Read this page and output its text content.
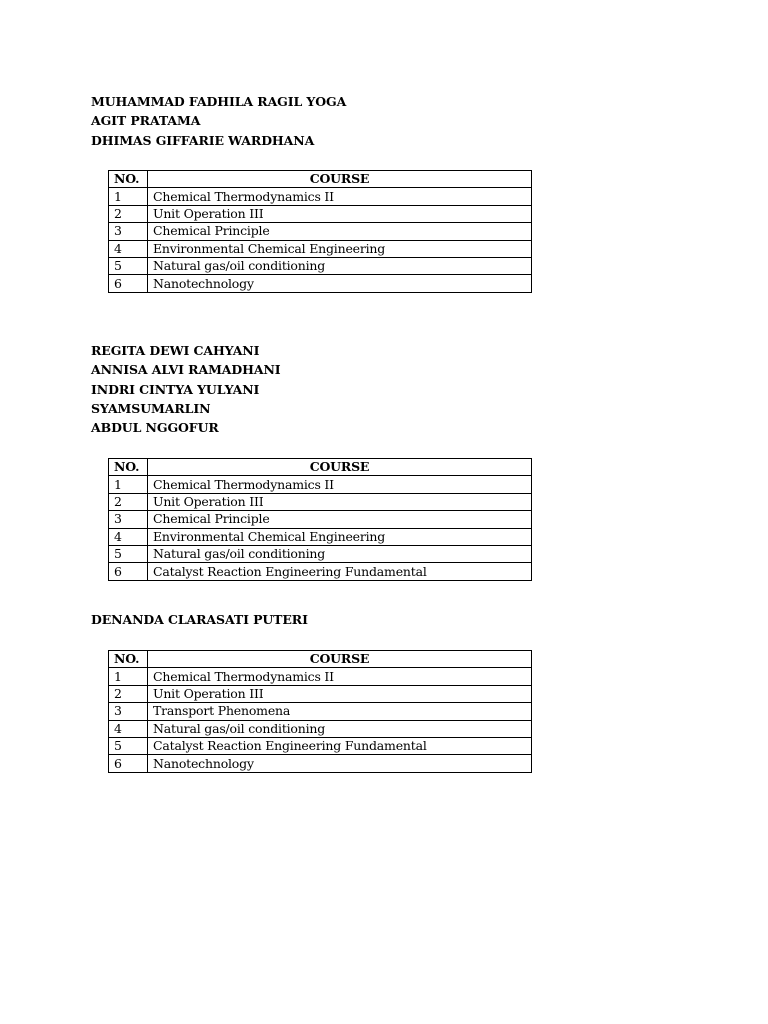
MUHAMMAD FADHILA RAGIL YOGA
AGIT PRATAMA
DHIMAS GIFFARIE WARDHANA
NO.	COURSE
1	Chemical Thermodynamics II
2	Unit Operation III
3	Chemical Principle
4	Environmental Chemical Engineering
5	Natural gas/oil conditioning
6	Nanotechnology
REGITA DEWI CAHYANI
ANNISA ALVI RAMADHANI
INDRI CINTYA YULYANI
SYAMSUMARLIN
ABDUL NGGOFUR
NO.	COURSE
1	Chemical Thermodynamics II
2	Unit Operation III
3	Chemical Principle
4	Environmental Chemical Engineering
5	Natural gas/oil conditioning
6	Catalyst Reaction Engineering Fundamental
DENANDA CLARASATI PUTERI
NO.	COURSE
1	Chemical Thermodynamics II
2	Unit Operation III
3	Transport Phenomena
4	Natural gas/oil conditioning
5	Catalyst Reaction Engineering Fundamental
6	Nanotechnology
